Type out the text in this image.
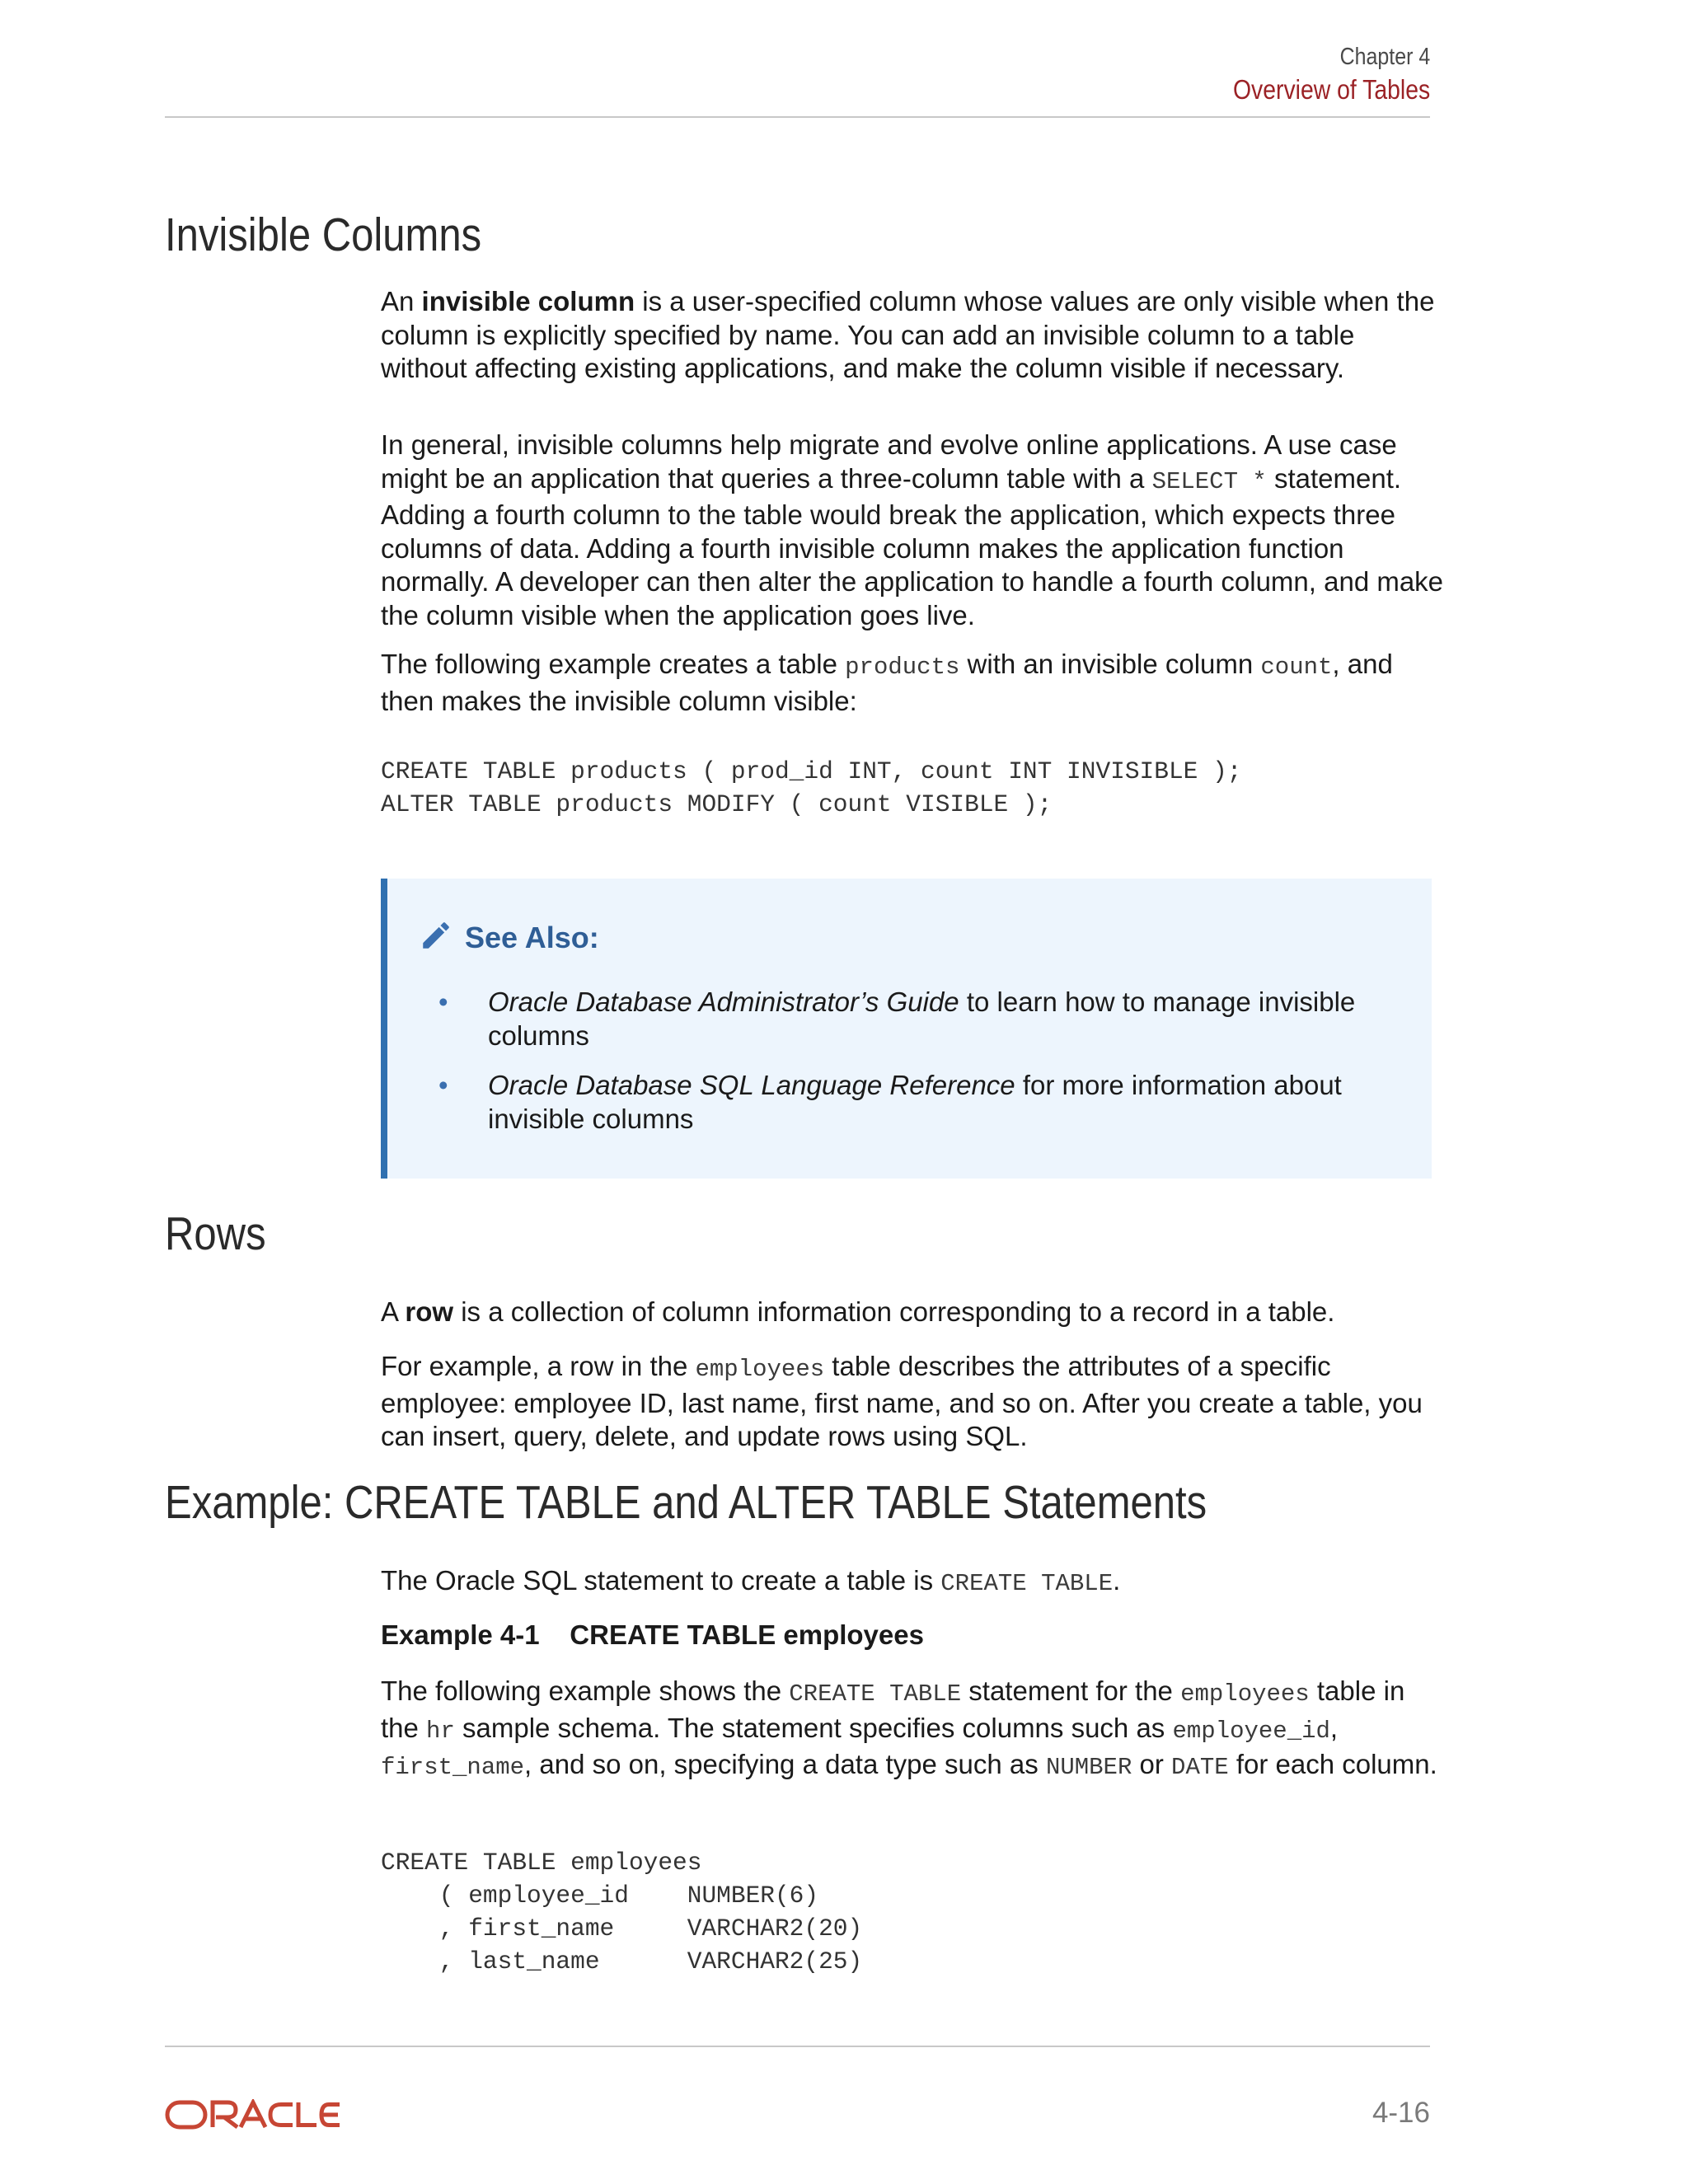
Chapter 4
Overview of Tables
Invisible Columns

An invisible column is a user-specified column whose values are only visible when the column is explicitly specified by name. You can add an invisible column to a table without affecting existing applications, and make the column visible if necessary.

In general, invisible columns help migrate and evolve online applications. A use case might be an application that queries a three-column table with a SELECT * statement. Adding a fourth column to the table would break the application, which expects three columns of data. Adding a fourth invisible column makes the application function normally. A developer can then alter the application to handle a fourth column, and make the column visible when the application goes live.

The following example creates a table products with an invisible column count, and then makes the invisible column visible:

CREATE TABLE products ( prod_id INT, count INT INVISIBLE );
ALTER TABLE products MODIFY ( count VISIBLE );
See Also:
• Oracle Database Administrator’s Guide to learn how to manage invisible columns
• Oracle Database SQL Language Reference for more information about invisible columns
Rows

A row is a collection of column information corresponding to a record in a table.

For example, a row in the employees table describes the attributes of a specific employee: employee ID, last name, first name, and so on. After you create a table, you can insert, query, delete, and update rows using SQL.

Example: CREATE TABLE and ALTER TABLE Statements

The Oracle SQL statement to create a table is CREATE TABLE.

Example 4-1    CREATE TABLE employees

The following example shows the CREATE TABLE statement for the employees table in the hr sample schema. The statement specifies columns such as employee_id, first_name, and so on, specifying a data type such as NUMBER or DATE for each column.

CREATE TABLE employees
( employee_id    NUMBER(6)
, first_name     VARCHAR2(20)
, last_name      VARCHAR2(25)
4-16
